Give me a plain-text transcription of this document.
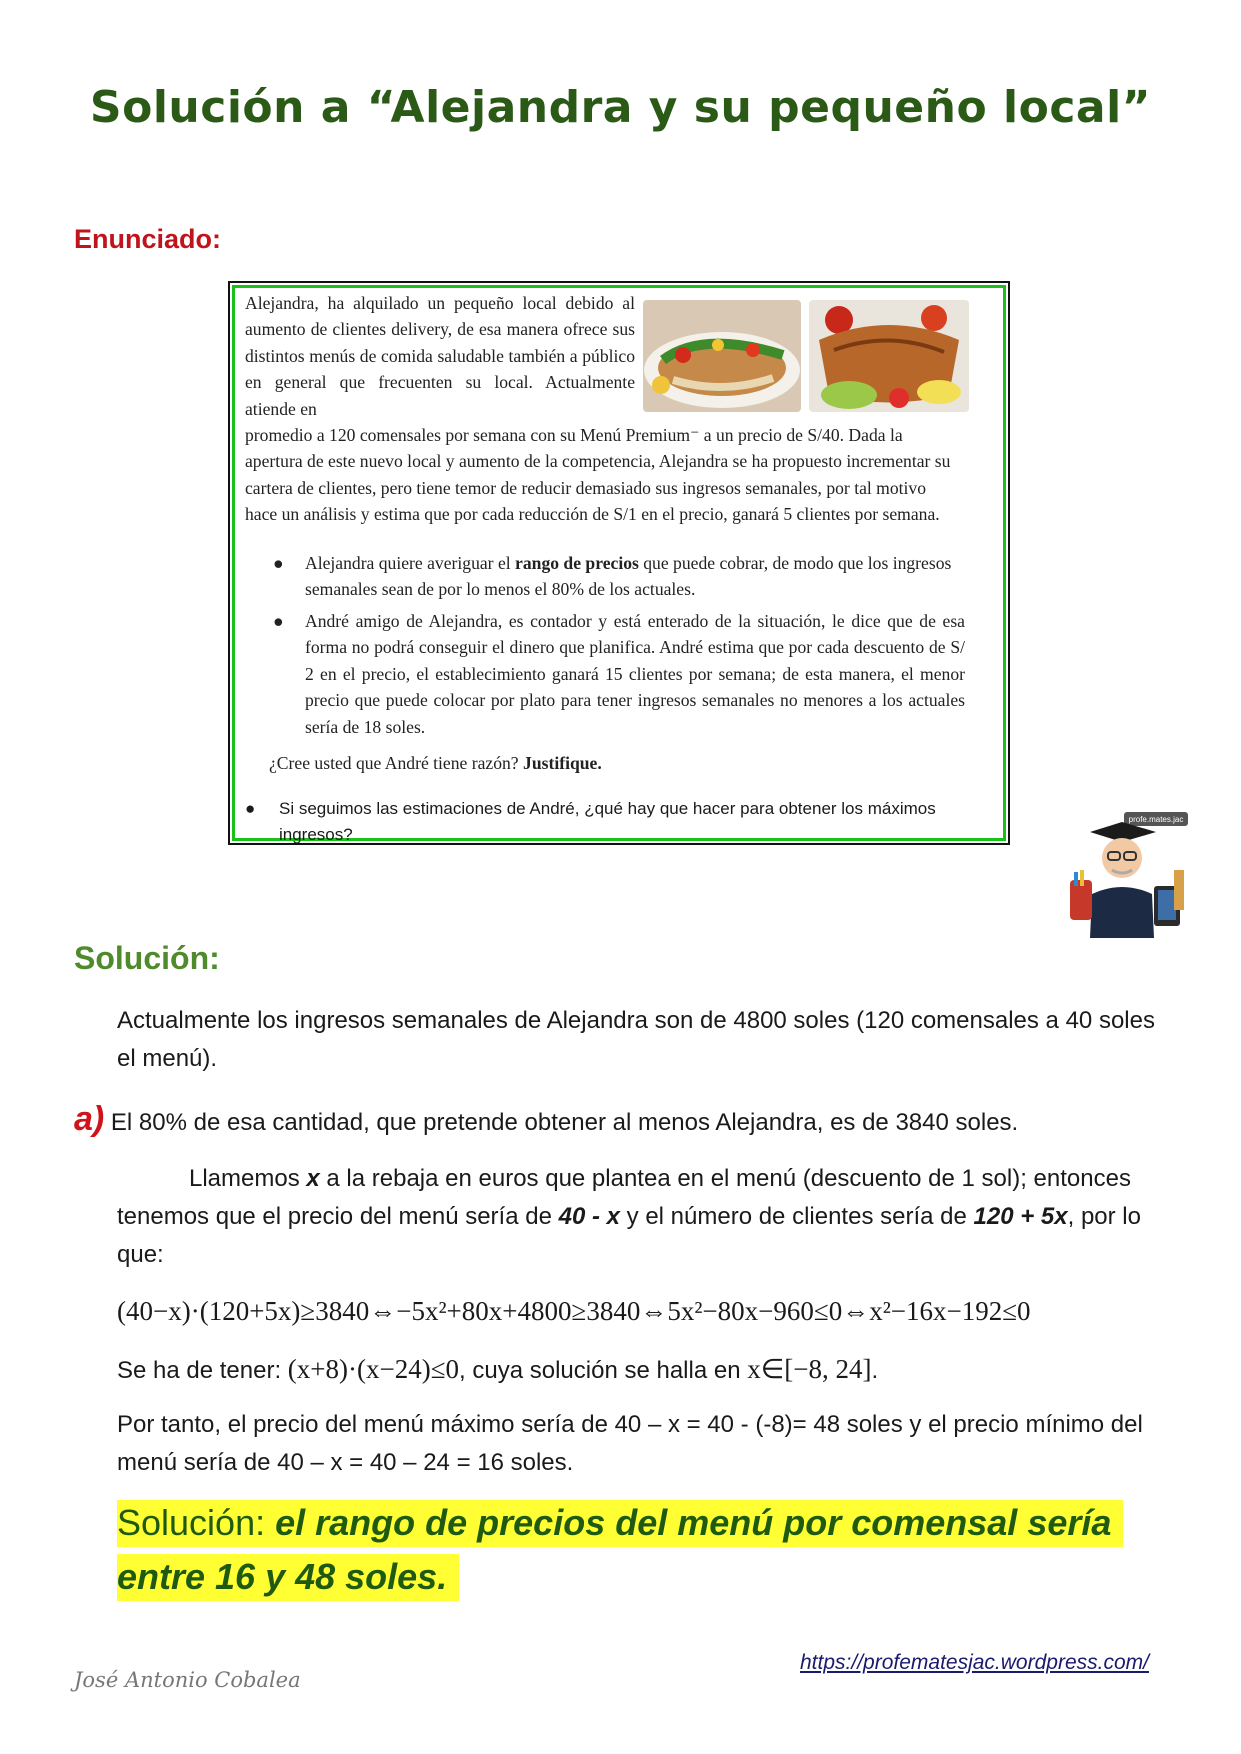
Solución a “Alejandra y su pequeño local”
Enunciado:
Alejandra, ha alquilado un pequeño local debido al aumento de clientes delivery, de esa manera ofrece sus distintos menús de comida saludable también a público en general que frecuenten su local. Actualmente atiende en
promedio a 120 comensales por semana con su Menú Premium⁻ a un precio de S/40. Dada la apertura de este nuevo local y aumento de la competencia, Alejandra se ha propuesto incrementar su cartera de clientes, pero tiene temor de reducir demasiado sus ingresos semanales, por tal motivo hace un análisis y estima que por cada reducción de S/1 en el precio, ganará 5 clientes por semana.
● Alejandra quiere averiguar el rango de precios que puede cobrar, de modo que los ingresos semanales sean de por lo menos el 80% de los actuales.
● André amigo de Alejandra, es contador y está enterado de la situación, le dice que de esa forma no podrá conseguir el dinero que planifica. André estima que por cada descuento de S/ 2 en el precio, el establecimiento ganará 15 clientes por semana; de esta manera, el menor precio que puede colocar por plato para tener ingresos semanales no menores a los actuales sería de 18 soles.
¿Cree usted que André tiene razón? Justifique.
● Si seguimos las estimaciones de André, ¿qué hay que hacer para obtener los máximos ingresos?
profe.mates.jac
Solución:
Actualmente los ingresos semanales de Alejandra son de 4800 soles (120 comensales a 40 soles el menú).
a) El 80% de esa cantidad, que pretende obtener al menos Alejandra, es de 3840 soles.
Llamemos x a la rebaja en euros que plantea en el menú (descuento de 1 sol); entonces tenemos que el precio del menú sería de 40 - x y el número de clientes sería de 120 + 5x, por lo que:
(40−x)·(120+5x)≥3840⇔−5x²+80x+4800≥3840⇔5x²−80x−960≤0⇔x²−16x−192≤0
Se ha de tener: (x+8)·(x−24)≤0, cuya solución se halla en x∈[−8, 24].
Por tanto, el precio del menú máximo sería de 40 – x = 40 - (-8)= 48 soles y el precio mínimo del menú sería de 40 – x = 40 – 24 = 16 soles.
Solución: el rango de precios del menú por comensal sería entre 16 y 48 soles.
https://profematesjac.wordpress.com/
José Antonio Cobalea
